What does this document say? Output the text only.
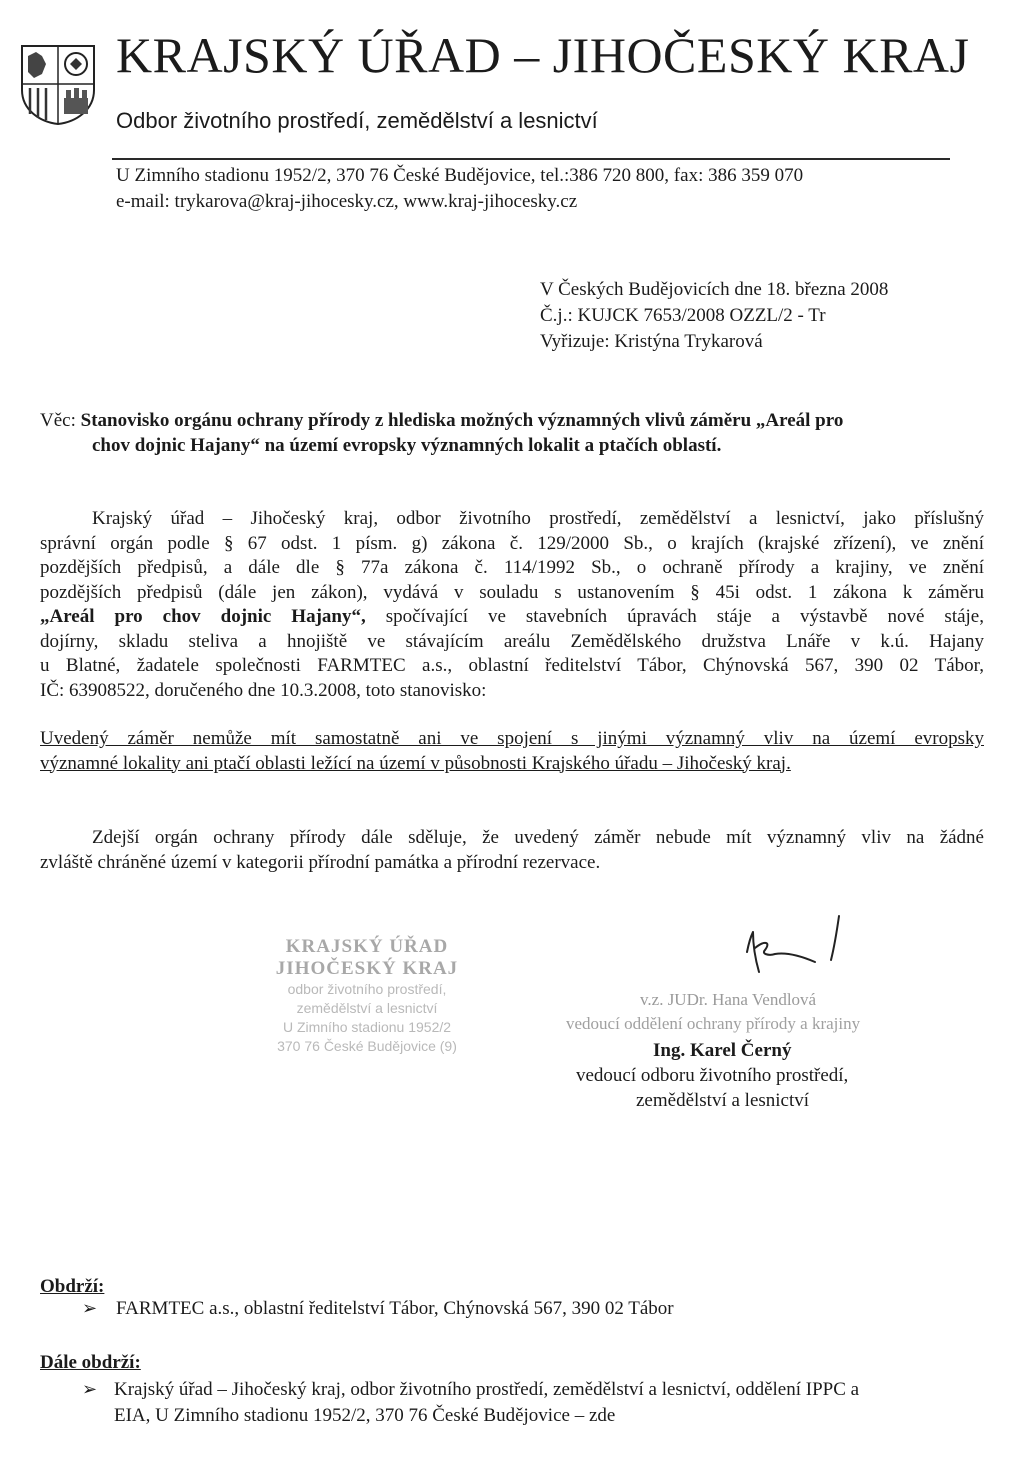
KRAJSKÝ ÚŘAD – JIHOČESKÝ KRAJ
Odbor životního prostředí, zemědělství a lesnictví
U Zimního stadionu 1952/2, 370 76 České Budějovice, tel.:386 720 800, fax: 386 359 070
e-mail: trykarova@kraj-jihocesky.cz, www.kraj-jihocesky.cz
V Českých Budějovicích dne 18. března 2008
Č.j.: KUJCK 7653/2008 OZZL/2 - Tr
Vyřizuje: Kristýna Trykarová
Věc: Stanovisko orgánu ochrany přírody z hlediska možných významných vlivů záměru „Areál pro
chov dojnic Hajany“ na území evropsky významných lokalit a ptačích oblastí.
Krajský úřad – Jihočeský kraj, odbor životního prostředí, zemědělství a lesnictví, jako příslušný
správní orgán podle § 67 odst. 1 písm. g) zákona č. 129/2000 Sb., o krajích (krajské zřízení), ve znění
pozdějších předpisů, a dále dle § 77a zákona č. 114/1992 Sb., o ochraně přírody a krajiny, ve znění
pozdějších předpisů (dále jen zákon), vydává v souladu s ustanovením § 45i odst. 1 zákona k záměru
„Areál pro chov dojnic Hajany“, spočívající ve stavebních úpravách stáje a výstavbě nové stáje,
dojírny, skladu steliva a hnojiště ve stávajícím areálu Zemědělského družstva Lnáře v k.ú. Hajany
u Blatné, žadatele společnosti FARMTEC a.s., oblastní ředitelství Tábor, Chýnovská 567, 390 02 Tábor,
IČ: 63908522, doručeného dne 10.3.2008, toto stanovisko:
Uvedený záměr nemůže mít samostatně ani ve spojení s jinými významný vliv na území evropsky
významné lokality ani ptačí oblasti ležící na území v působnosti Krajského úřadu – Jihočeský kraj.
Zdejší orgán ochrany přírody dále sděluje, že uvedený záměr nebude mít významný vliv na žádné
zvláště chráněné území v kategorii přírodní památka a přírodní rezervace.
KRAJSKÝ ÚŘAD
JIHOČESKÝ KRAJ
odbor životního prostředí,
zemědělství a lesnictví
U Zimního stadionu 1952/2
370 76 České Budějovice (9)
v.z. JUDr. Hana Vendlová
vedoucí oddělení ochrany přírody a krajiny
Ing. Karel Černý
vedoucí odboru životního prostředí,
zemědělství a lesnictví
Obdrží:
➢ FARMTEC a.s., oblastní ředitelství Tábor, Chýnovská 567, 390 02 Tábor
Dále obdrží:
➢ Krajský úřad – Jihočeský kraj, odbor životního prostředí, zemědělství a lesnictví, oddělení IPPC a
EIA, U Zimního stadionu 1952/2, 370 76 České Budějovice – zde
